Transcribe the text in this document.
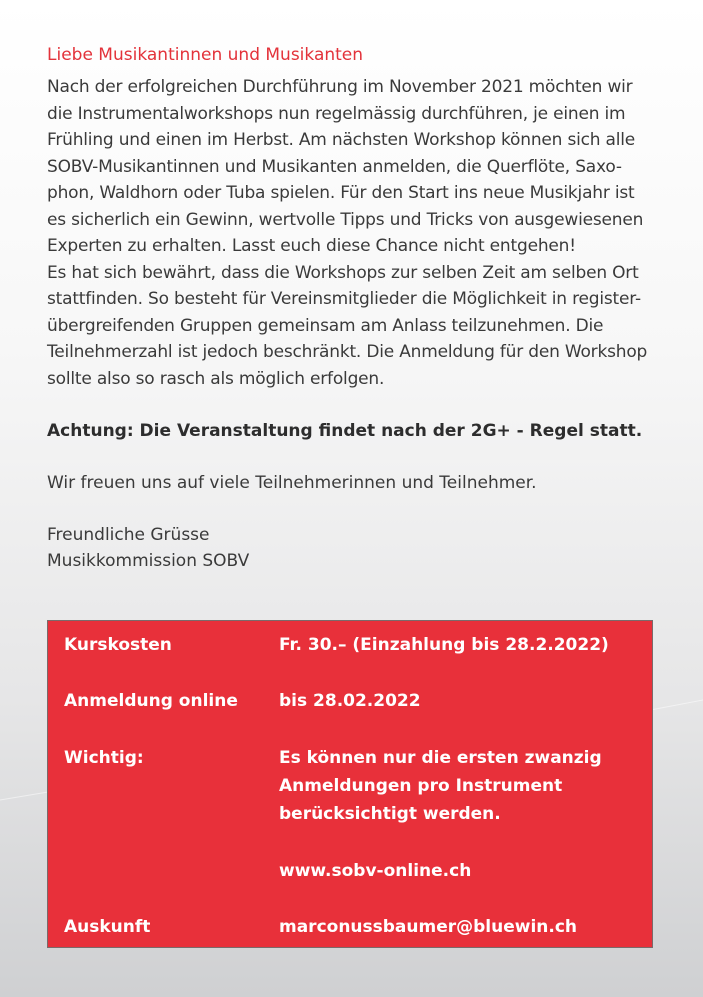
Liebe Musikantinnen und Musikanten

Nach der erfolgreichen Durchführung im November 2021 möchten wir

die Instrumentalworkshops nun regelmässig durchführen, je einen im

Frühling und einen im Herbst. Am nächsten Workshop können sich alle

SOBV-Musikantinnen und Musikanten anmelden, die Querflöte, Saxo-

phon, Waldhorn oder Tuba spielen. Für den Start ins neue Musikjahr ist

es sicherlich ein Gewinn, wertvolle Tipps und Tricks von ausgewiesenen

Experten zu erhalten. Lasst euch diese Chance nicht entgehen!

Es hat sich bewährt, dass die Workshops zur selben Zeit am selben Ort

stattfinden. So besteht für Vereinsmitglieder die Möglichkeit in register-

übergreifenden Gruppen gemeinsam am Anlass teilzunehmen. Die

Teilnehmerzahl ist jedoch beschränkt. Die Anmeldung für den Workshop

sollte also so rasch als möglich erfolgen.

Achtung: Die Veranstaltung findet nach der 2G+ - Regel statt.

Wir freuen uns auf viele Teilnehmerinnen und Teilnehmer.

Freundliche Grüsse

Musikkommission SOBV

Kurskosten	Fr. 30.– (Einzahlung bis 28.2.2022)
Anmeldung online	bis 28.02.2022
Wichtig:	Es können nur die ersten zwanzig
Anmeldungen pro Instrument
berücksichtigt werden.
www.sobv-online.ch
Auskunft	marconussbaumer@bluewin.ch
